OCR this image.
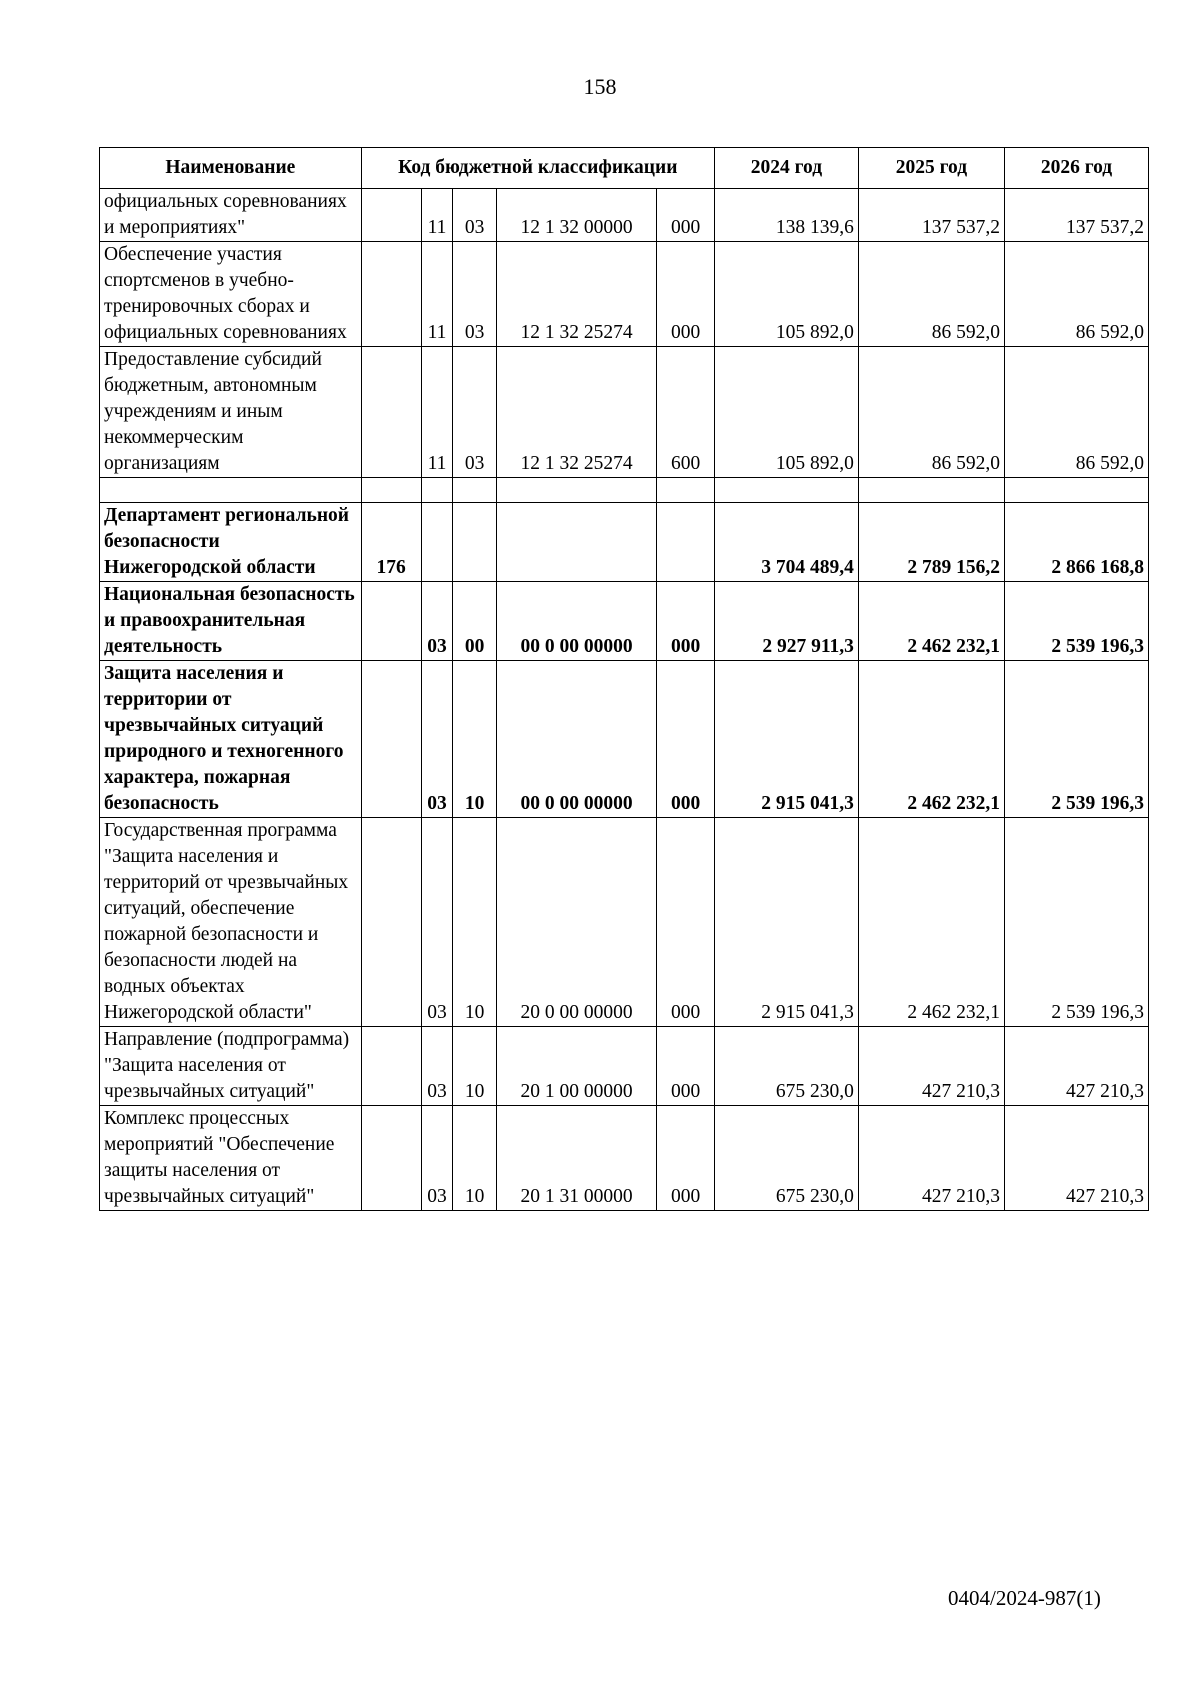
158
Наименование	Код бюджетной классификации					2024 год	2025 год	2026 год
официальных соревнованиях и мероприятиях"		11	03	12 1 32 00000	000	138 139,6	137 537,2	137 537,2
Обеспечение участия спортсменов в учебно-тренировочных сборах и официальных соревнованиях		11	03	12 1 32 25274	000	105 892,0	86 592,0	86 592,0
Предоставление субсидий бюджетным, автономным учреждениям и иным некоммерческим организациям		11	03	12 1 32 25274	600	105 892,0	86 592,0	86 592,0

Департамент региональной безопасности Нижегородской области	176					3 704 489,4	2 789 156,2	2 866 168,8
Национальная безопасность и правоохранительная деятельность		03	00	00 0 00 00000	000	2 927 911,3	2 462 232,1	2 539 196,3
Защита населения и территории от чрезвычайных ситуаций природного и техногенного характера, пожарная безопасность		03	10	00 0 00 00000	000	2 915 041,3	2 462 232,1	2 539 196,3
Государственная программа "Защита населения и территорий от чрезвычайных ситуаций, обеспечение пожарной безопасности и безопасности людей на водных объектах Нижегородской области"		03	10	20 0 00 00000	000	2 915 041,3	2 462 232,1	2 539 196,3
Направление (подпрограмма) "Защита населения от чрезвычайных ситуаций"		03	10	20 1 00 00000	000	675 230,0	427 210,3	427 210,3
Комплекс процессных мероприятий "Обеспечение защиты населения от чрезвычайных ситуаций"		03	10	20 1 31 00000	000	675 230,0	427 210,3	427 210,3
0404/2024-987(1)
